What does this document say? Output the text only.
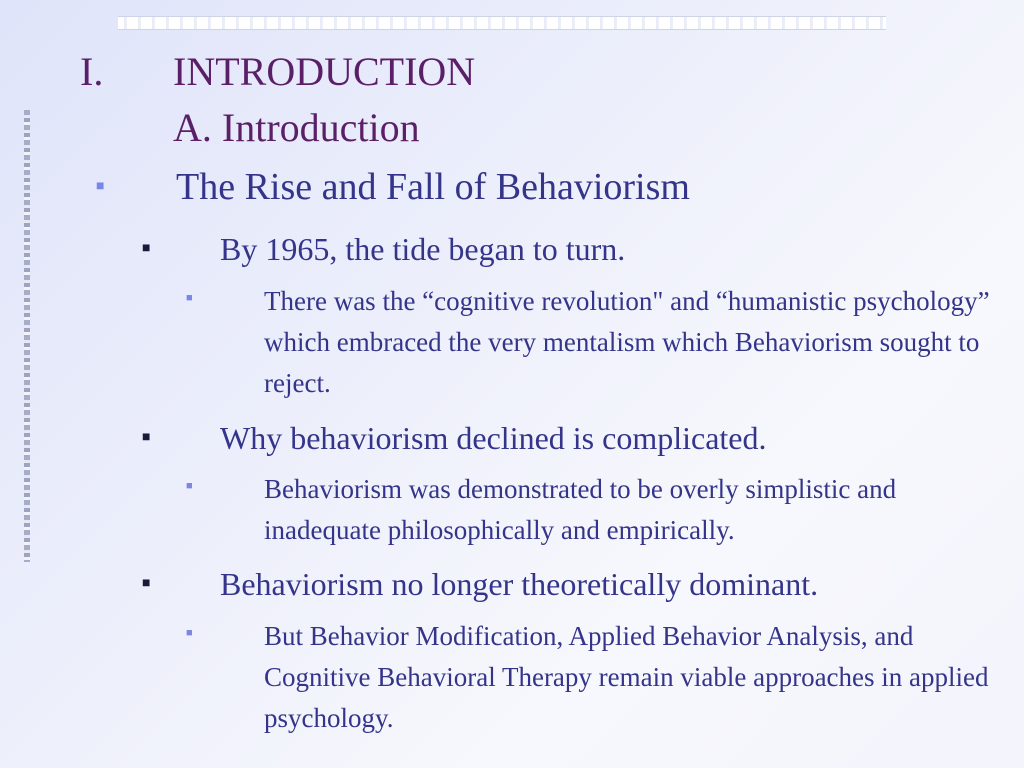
I.	INTRODUCTION
A. Introduction
■	The Rise and Fall of Behaviorism
■	By 1965, the tide began to turn.
■	There was the “cognitive revolution" and “humanistic psychology” which embraced the very mentalism which Behaviorism sought to reject.
■	Why behaviorism declined is complicated.
■	Behaviorism was demonstrated to be overly simplistic and inadequate philosophically and empirically.
■	Behaviorism no longer theoretically dominant.
■	But Behavior Modification, Applied Behavior Analysis, and Cognitive Behavioral Therapy remain viable approaches in applied psychology.
